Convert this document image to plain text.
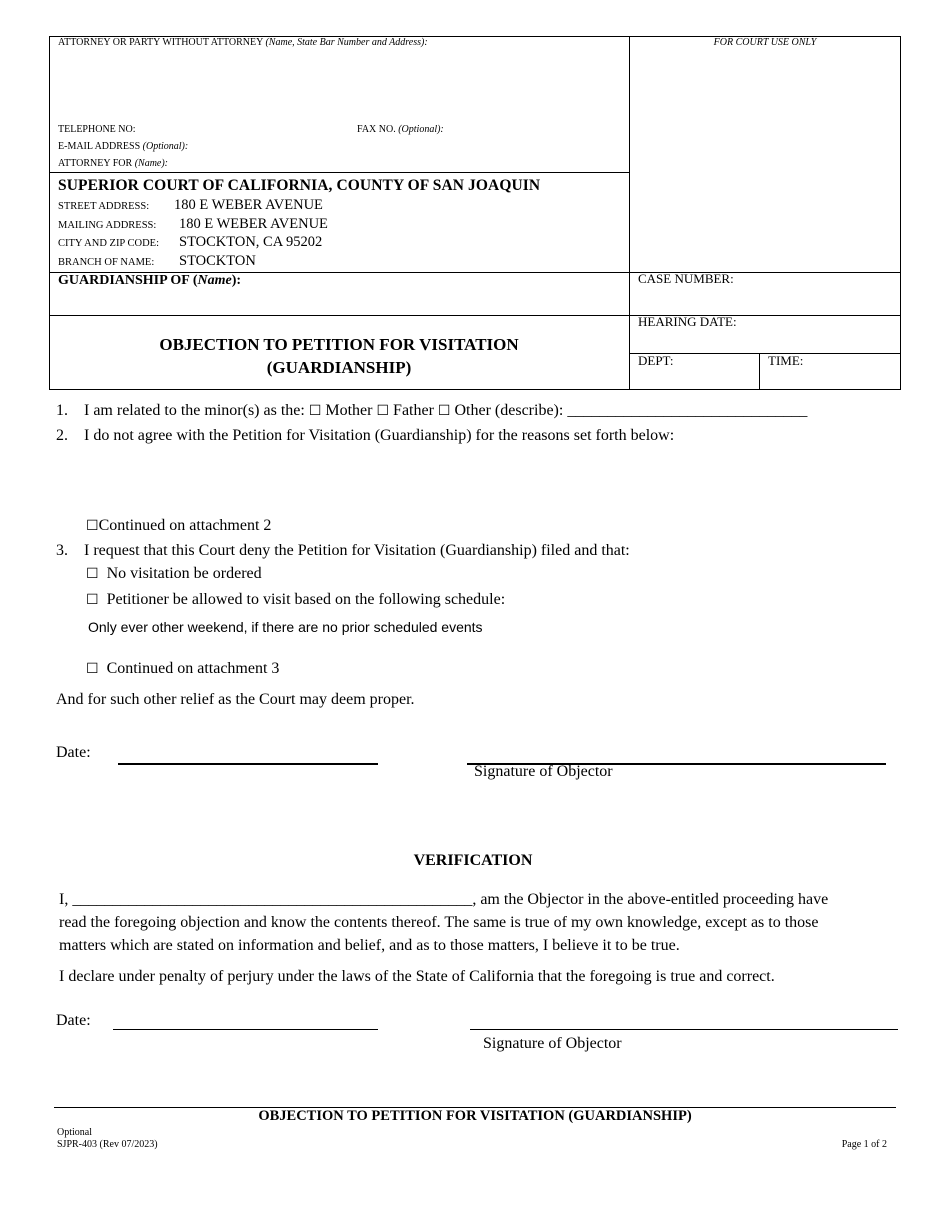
ATTORNEY OR PARTY WITHOUT ATTORNEY (Name, State Bar Number and Address):	FOR COURT USE ONLY
TELEPHONE NO:	FAX NO. (Optional):
E-MAIL ADDRESS (Optional):
ATTORNEY FOR (Name):
SUPERIOR COURT OF CALIFORNIA, COUNTY OF SAN JOAQUIN
STREET ADDRESS: 180 E WEBER AVENUE
MAILING ADDRESS: 180 E WEBER AVENUE
CITY AND ZIP CODE: STOCKTON, CA 95202
BRANCH OF NAME: STOCKTON
GUARDIANSHIP OF (Name):
OBJECTION TO PETITION FOR VISITATION
(GUARDIANSHIP)
CASE NUMBER:
HEARING DATE:
DEPT:	TIME:
1. I am related to the minor(s) as the: ☐ Mother ☐ Father ☐ Other (describe): ______________________________
2. I do not agree with the Petition for Visitation (Guardianship) for the reasons set forth below:
☐Continued on attachment 2
3. I request that this Court deny the Petition for Visitation (Guardianship) filed and that:
☐ No visitation be ordered
☐ Petitioner be allowed to visit based on the following schedule:
Only ever other weekend, if there are no prior scheduled events
☐ Continued on attachment 3
And for such other relief as the Court may deem proper.
Date:
Signature of Objector
VERIFICATION
I, __________________________________________________, am the Objector in the above-entitled proceeding have
read the foregoing objection and know the contents thereof. The same is true of my own knowledge, except as to those
matters which are stated on information and belief, and as to those matters, I believe it to be true.
I declare under penalty of perjury under the laws of the State of California that the foregoing is true and correct.
Date:
Signature of Objector
OBJECTION TO PETITION FOR VISITATION (GUARDIANSHIP)
Optional
SJPR-403 (Rev 07/2023)	Page 1 of 2
